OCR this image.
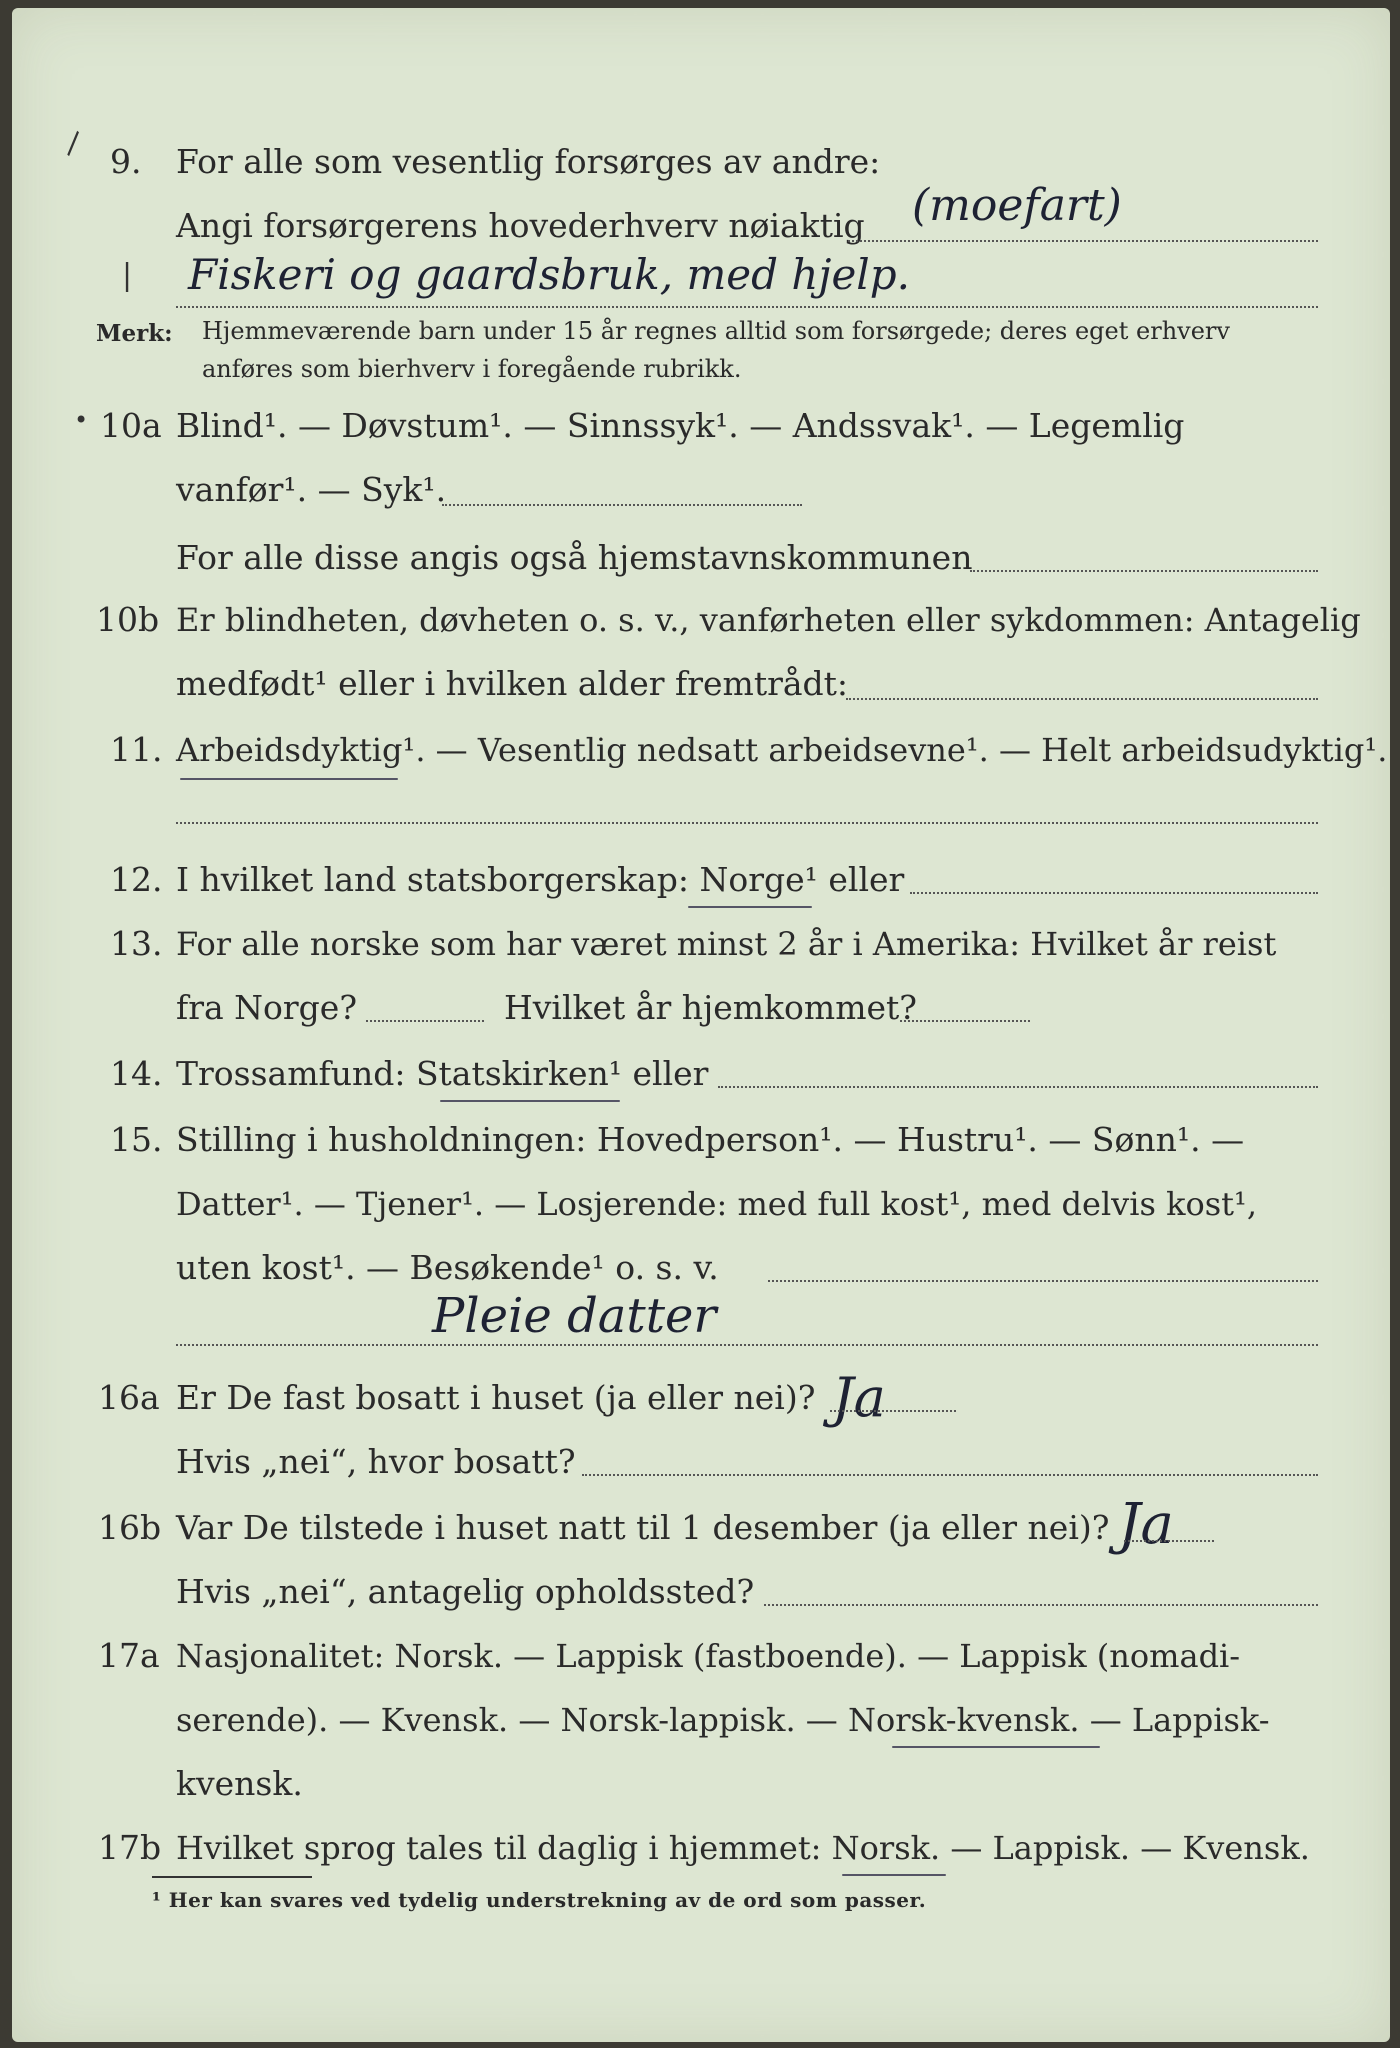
\
|
•
9. For alle som vesentlig forsørges av andre:
Angi forsørgerens hovederhverv nøiaktig (moefart)
Fiskeri og gaardsbruk, med hjelp.
Merk: Hjemmeværende barn under 15 år regnes alltid som forsørgede; deres eget erhverv
anføres som bierhverv i foregående rubrikk.
10a Blind¹. — Døvstum¹. — Sinnssyk¹. — Andssvak¹. — Legemlig
vanfør¹. — Syk¹.
For alle disse angis også hjemstavnskommunen
10b Er blindheten, døvheten o. s. v., vanførheten eller sykdommen: Antagelig
medfødt¹ eller i hvilken alder fremtrådt:
11. Arbeidsdyktig¹. — Vesentlig nedsatt arbeidsevne¹. — Helt arbeidsudyktig¹.
12. I hvilket land statsborgerskap: Norge¹ eller
13. For alle norske som har været minst 2 år i Amerika: Hvilket år reist
fra Norge?	Hvilket år hjemkommet?
14. Trossamfund: Statskirken¹ eller
15. Stilling i husholdningen: Hovedperson¹. — Hustru¹. — Sønn¹. —
Datter¹. — Tjener¹. — Losjerende: med full kost¹, med delvis kost¹,
uten kost¹. — Besøkende¹ o. s. v.
Pleie datter
16a Er De fast bosatt i huset (ja eller nei)? Ja
Hvis „nei“, hvor bosatt?
16b Var De tilstede i huset natt til 1 desember (ja eller nei)? Ja
Hvis „nei“, antagelig opholdssted?
17a Nasjonalitet: Norsk. — Lappisk (fastboende). — Lappisk (nomadi-
serende). — Kvensk. — Norsk-lappisk. — Norsk-kvensk. — Lappisk-
kvensk.
17b Hvilket sprog tales til daglig i hjemmet: Norsk. — Lappisk. — Kvensk.
¹ Her kan svares ved tydelig understrekning av de ord som passer.
